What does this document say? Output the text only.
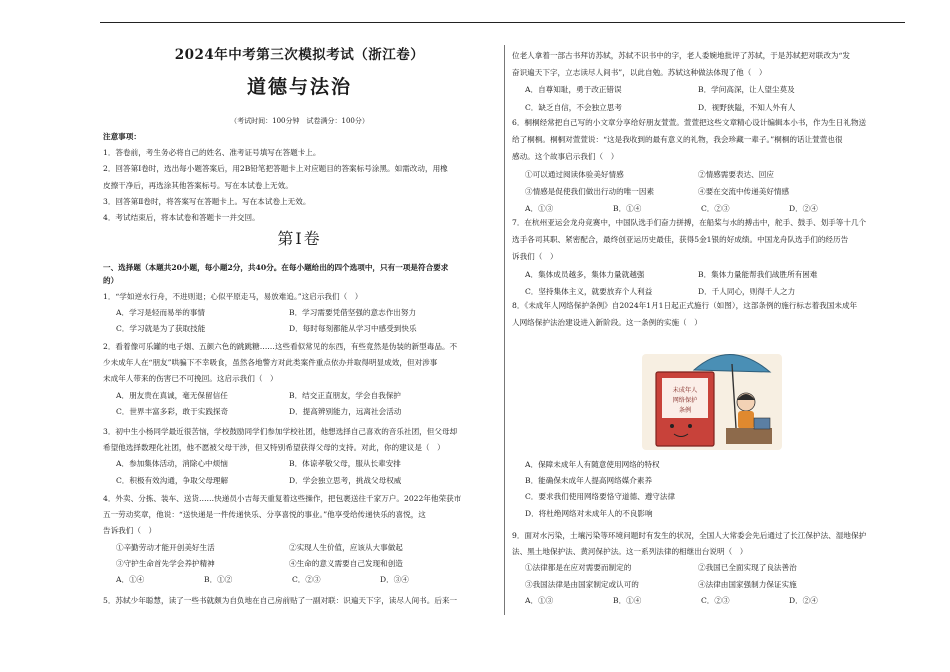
2024年中考第三次模拟考试（浙江卷）
道德与法治
（考试时间：100分钟　试卷满分：100分）
注意事项：
1．答卷前，考生务必将自己的姓名、准考证号填写在答题卡上。
2．回答第Ⅰ卷时，选出每小题答案后，用2B铅笔把答题卡上对应题目的答案标号涂黑。如需改动，用橡
皮擦干净后，再选涂其他答案标号。写在本试卷上无效。
3．回答第Ⅱ卷时，将答案写在答题卡上。写在本试卷上无效。
4．考试结束后，将本试卷和答题卡一并交回。
第Ⅰ卷
一、选择题（本题共20小题，每小题2分，共40分。在每小题给出的四个选项中，只有一项是符合要求
的）
1．“学如逆水行舟，不进则退；心似平原走马，易放难追。”这启示我们（　）
A．学习是轻而易举的事情	B．学习需要凭借坚强的意志作出努力
C．学习就是为了获取技能	D．每时每刻都能从学习中感受到快乐
2．看着像可乐罐的电子烟、五颜六色的跳跳糖……这些看似常见的东西，有些竟然是伪装的新型毒品。不
少未成年人在“朋友”哄骗下不幸吸食，虽然各地警方对此类案件重点依办并取得明显成效，但对涉事
未成年人带来的伤害已不可挽回。这启示我们（　）
A．朋友贵在真诚，毫无保留信任	B．结交正直朋友，学会自我保护
C．世界丰富多彩，敢于实践探奇	D．提高辨别能力，远离社会活动
3．初中生小杨同学最近很苦恼，学校鼓励同学们参加学校社团，他想选择自己喜欢的音乐社团，但父母却
希望他选择数理化社团，他不愿被父母干涉，但又特别希望获得父母的支持。对此，你的建议是（　）
A．参加集体活动，消除心中烦恼	B．体谅孝敬父母，服从长辈安排
C．积极有效沟通，争取父母理解	D．学会独立思考，挑战父母权威
4．外卖、分拣、装车、送货……快递员小吉每天重复着这些操作，把包裹送往千家万户。2022年他荣获市
五一劳动奖章，他说：“送快递是一件传递快乐、分享喜悦的事业。”他享受给传递快乐的喜悦，这
告诉我们（　）
①辛勤劳动才能开创美好生活	②实现人生价值，应该从大事做起
③守护生命首先学会养护精神	④生命的意义需要自己发现和创造
A．①④	B．①②	C．②③	D．③④
5．苏轼少年聪慧，读了一些书就颇为自负地在自己房前贴了一副对联：识遍天下字，读尽人间书。后来一
位老人拿着一部古书拜访苏轼，苏轼不识书中的字，老人委婉地批评了苏轼，于是苏轼把对联改为“发
奋识遍天下字，立志读尽人间书”，以此自勉。苏轼这种做法体现了他（　）
A．自尊知耻，勇于改正错误	B．学问高深，让人望尘莫及
C．缺乏自信，不会独立思考	D．视野狭隘，不知人外有人
6．桐桐经常把自己写的小文章分享给好朋友萱萱。萱萱把这些文章精心设计编辑本小书，作为生日礼物送
给了桐桐。桐桐对萱萱说：“这是我收到的最有意义的礼物，我会珍藏一辈子。”桐桐的话让萱萱也很
感动。这个故事启示我们（　）
①可以通过阅读体验美好情感	②情感需要表达、回应
③情感是促使我们做出行动的唯一因素	④要在交流中传递美好情感
A．①③	B．①④	C．②③	D．②④
7．在杭州亚运会龙舟竞赛中，中国队选手们奋力拼搏，在船桨与水的搏击中，舵手、鼓手、划手等十几个
选手各司其职、紧密配合，最终创亚运历史最佳，获得5金1银的好成绩。中国龙舟队选手们的经历告
诉我们（　）
A．集体成员越多，集体力量就越强	B．集体力量能帮我们战胜所有困难
C．坚持集体主义，就要放弃个人利益	D．千人同心，则得千人之力
8．《未成年人网络保护条例》自2024年1月1日起正式施行（如图），这部条例的施行标志着我国未成年
人网络保护法治建设进入新阶段。这一条例的实施（　）
未成年人
网络保护
条例
A．保障未成年人有随意使用网络的特权
B．能确保未成年人提高网络媒介素养
C．要求我们使用网络要恪守道德、遵守法律
D．将杜绝网络对未成年人的不良影响
9．面对水污染，土壤污染等环境问题时有发生的状况，全国人大常委会先后通过了长江保护法、湿地保护
法、黑土地保护法、黄河保护法。这一系列法律的相继出台说明（　）
①法律都是在应对需要而制定的	②我国已全面实现了良法善治
③我国法律是由国家制定或认可的	④法律由国家强制力保证实施
A．①③	B．①④	C．②③	D．②④
